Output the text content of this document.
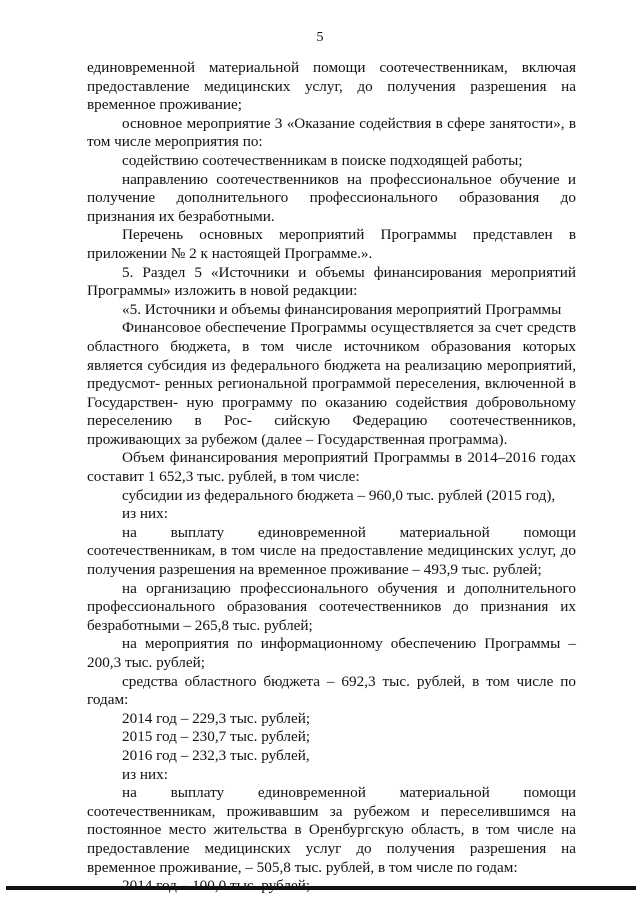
5

единовременной материальной помощи соотечественникам, включая предоставление медицинских услуг, до получения разрешения на временное проживание;

основное мероприятие 3 «Оказание содействия в сфере занятости», в том числе мероприятия по:

содействию соотечественникам в поиске подходящей работы;

направлению соотечественников на профессиональное обучение и получение дополнительного профессионального образования до признания их безработными.

Перечень основных мероприятий Программы представлен в приложении № 2 к настоящей Программе.».

5. Раздел 5 «Источники и объемы финансирования мероприятий Программы» изложить в новой редакции:

«5. Источники и объемы финансирования мероприятий Программы

Финансовое обеспечение Программы осуществляется за счет средств областного бюджета, в том числе источником образования которых является субсидия из федерального бюджета на реализацию мероприятий, предусмот- ренных региональной программой переселения, включенной в Государствен- ную программу по оказанию содействия добровольному переселению в Рос- сийскую Федерацию соотечественников, проживающих за рубежом (далее – Государственная программа).

Объем финансирования мероприятий Программы в 2014–2016 годах составит 1 652,3 тыс. рублей, в том числе:

субсидии из федерального бюджета – 960,0 тыс. рублей (2015 год),

из них:

на выплату единовременной материальной помощи соотечественникам, в том числе на предоставление медицинских услуг, до получения разрешения на временное проживание – 493,9 тыс. рублей;

на организацию профессионального обучения и дополнительного профессионального образования соотечественников до признания их безработными – 265,8 тыс. рублей;

на мероприятия по информационному обеспечению Программы – 200,3 тыс. рублей;

средства областного бюджета – 692,3 тыс. рублей, в том числе по годам:

2014 год – 229,3 тыс. рублей;

2015 год – 230,7 тыс. рублей;

2016 год – 232,3 тыс. рублей,

из них:

на выплату единовременной материальной помощи соотечественникам, проживавшим за рубежом и переселившимся на постоянное место жительства в Оренбургскую область, в том числе на предоставление медицинских услуг до получения разрешения на временное проживание, – 505,8 тыс. рублей, в том числе по годам:
